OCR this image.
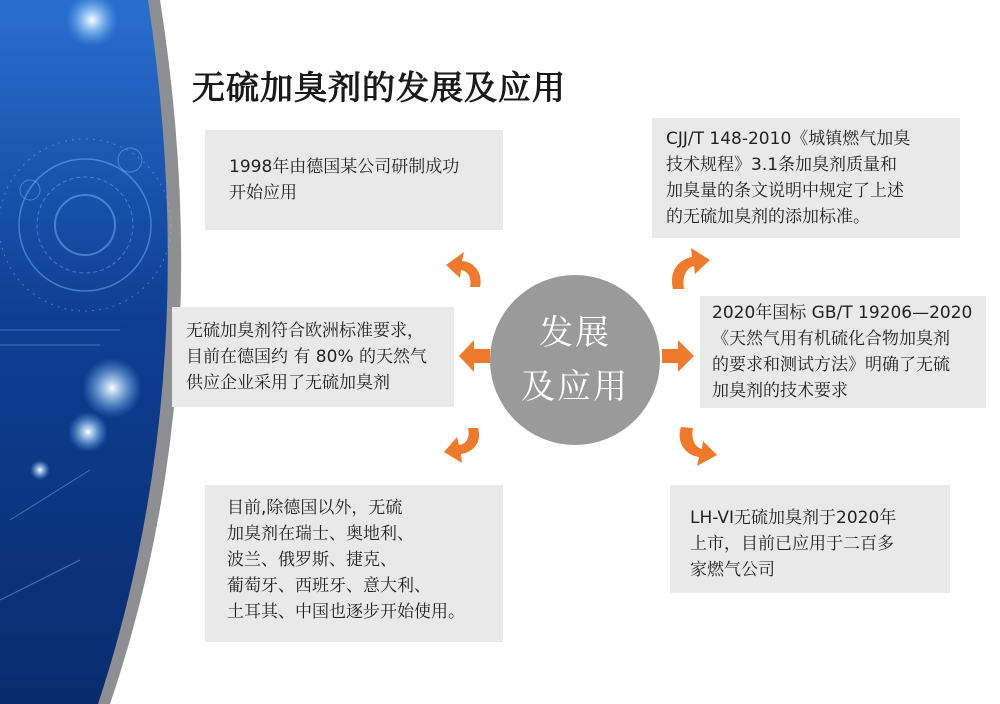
无硫加臭剂的发展及应用
1998年由德国某公司研制成功
开始应用
无硫加臭剂符合欧洲标准要求，
目前在德国约 有 80% 的天然气
供应企业采用了无硫加臭剂
目前,除德国以外，无硫
加臭剂在瑞士、奥地利、
波兰、俄罗斯、捷克、
葡萄牙、西班牙、意大利、
土耳其、中国也逐步开始使用。
CJJ/T 148-2010《城镇燃气加臭
技术规程》3.1条加臭剂质量和
加臭量的条文说明中规定了上述
的无硫加臭剂的添加标准。
2020年国标 GB/T 19206—2020
《天然气用有机硫化合物加臭剂
的要求和测试方法》明确了无硫
加臭剂的技术要求
LH-VI无硫加臭剂于2020年
上市，目前已应用于二百多
家燃气公司
发展
及应用
